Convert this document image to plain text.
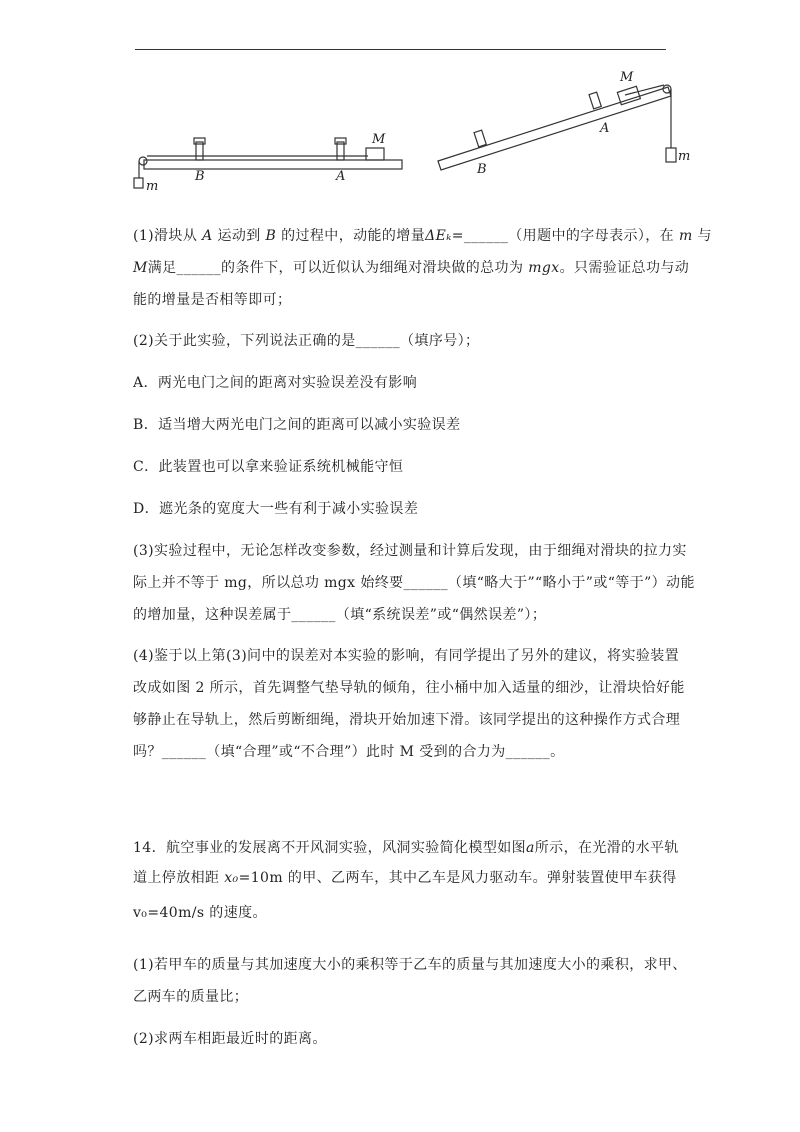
M
A
B
m
M
A
B
m
(1)滑块从 A 运动到 B 的过程中，动能的增量ΔEₖ=______（用题中的字母表示），在 m 与
M满足______的条件下，可以近似认为细绳对滑块做的总功为 mgx。只需验证总功与动
能的增量是否相等即可；
(2)关于此实验，下列说法正确的是______（填序号）；
A．两光电门之间的距离对实验误差没有影响
B．适当增大两光电门之间的距离可以减小实验误差
C．此装置也可以拿来验证系统机械能守恒
D．遮光条的宽度大一些有利于减小实验误差
(3)实验过程中，无论怎样改变参数，经过测量和计算后发现，由于细绳对滑块的拉力实
际上并不等于 mg，所以总功 mgx 始终要______（填“略大于”“略小于”或“等于”）动能
的增加量，这种误差属于______（填“系统误差”或“偶然误差”）；
(4)鉴于以上第(3)问中的误差对本实验的影响，有同学提出了另外的建议，将实验装置
改成如图 2 所示，首先调整气垫导轨的倾角，往小桶中加入适量的细沙，让滑块恰好能
够静止在导轨上，然后剪断细绳，滑块开始加速下滑。该同学提出的这种操作方式合理
吗？______（填“合理”或“不合理”）此时 M 受到的合力为______。
14．航空事业的发展离不开风洞实验，风洞实验简化模型如图a所示，在光滑的水平轨
道上停放相距 x₀=10m 的甲、乙两车，其中乙车是风力驱动车。弹射装置使甲车获得
v₀=40m/s 的速度。
(1)若甲车的质量与其加速度大小的乘积等于乙车的质量与其加速度大小的乘积，求甲、
乙两车的质量比；
(2)求两车相距最近时的距离。
